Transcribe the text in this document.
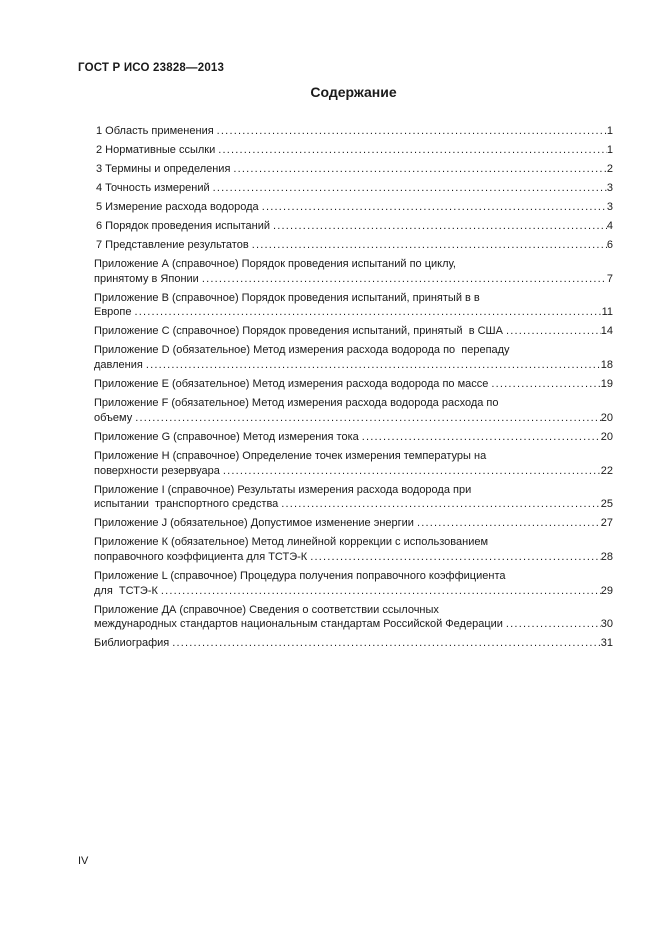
ГОСТ Р ИСО 23828—2013
Содержание
1 Область применения .....	1
2 Нормативные ссылки .....	1
3 Термины и определения .....	2
4 Точность измерений .....	3
5 Измерение расхода водорода .....	3
6 Порядок проведения испытаний .....	4
7 Представление результатов .....	6
Приложение А (справочное) Порядок проведения испытаний по циклу,
принятому в Японии .....	7
Приложение В (справочное) Порядок проведения испытаний, принятый в в
Европе .....	11
Приложение С (справочное) Порядок проведения испытаний, принятый  в США .....	14
Приложение D (обязательное) Метод измерения расхода водорода по  перепаду
давления .....	18
Приложение Е (обязательное) Метод измерения расхода водорода по массе .....	19
Приложение F (обязательное) Метод измерения расхода водорода расхода по
объему .....	20
Приложение G (справочное) Метод измерения тока .....	20
Приложение Н (справочное) Определение точек измерения температуры на
поверхности резервуара .....	22
Приложение I (справочное) Результаты измерения расхода водорода при
испытании  транспортного средства .....	25
Приложение J (обязательное) Допустимое изменение энергии .....	27
Приложение К (обязательное) Метод линейной коррекции с использованием
поправочного коэффициента для ТСТЭ-К .....	28
Приложение L (справочное) Процедура получения поправочного коэффициента
для  ТСТЭ-К .....	29
Приложение ДА (справочное) Сведения о соответствии ссылочных
международных стандартов национальным стандартам Российской Федерации .....	30
Библиография .....	31
IV
